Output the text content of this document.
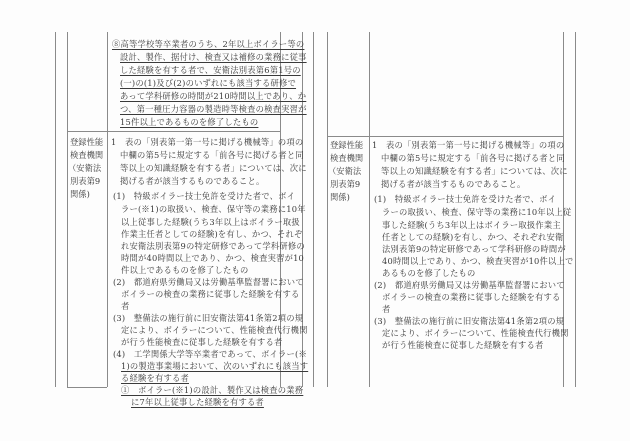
⑧高等学校等卒業者のうち、2年以上ボイラー等の
設計、製作、据付け、検査又は補修の業務に従事
した経験を有する者で、安衛法別表第6第1号の
(一)の(1)及び(2)のいずれにも該当する研修で
あって学科研修の時間が210時間以上であり、か
つ、第一種圧力容器の製造時等検査の検査実習が
15件以上であるものを修了したもの
登録性能
検査機関
（安衛法
別表第9
関係)
1　表の「別表第一第一号に掲げる機械等」の項の
中欄の第5号に規定する「前各号に掲げる者と同
等以上の知識経験を有する者」については、次に
掲げる者が該当するものであること。
(1)　特級ボイラー技士免許を受けた者で、ボイ
ラー(※1)の取扱い、検査、保守等の業務に10年
以上従事した経験(うち3年以上はボイラー取扱
作業主任者としての経験)を有し、かつ、それぞ
れ安衛法別表第9の特定研修であって学科研修の
時間が40時間以上であり、かつ、検査実習が10
件以上であるものを修了したもの
(2)　都道府県労働局又は労働基準監督署において
ボイラーの検査の業務に従事した経験を有する
者
(3)　整備法の施行前に旧安衛法第41条第2項の規
定により、ボイラーについて、性能検査代行機関
が行う性能検査に従事した経験を有する者
(4)　工学関係大学等卒業者であって、ボイラー(※
1)の製造事業場において、次のいずれにも該当す
る経験を有する者
①　ボイラー(※1)の設計、製作又は検査の業務
に7年以上従事した経験を有する者
登録性能
検査機関
（安衛法
別表第9
関係)
1　表の「別表第一第一号に掲げる機械等」の項の
中欄の第5号に規定する「前各号に掲げる者と同
等以上の知識経験を有する者」については、次に
掲げる者が該当するものであること。
(1)　特級ボイラー技士免許を受けた者で、ボイ
ラーの取扱い、検査、保守等の業務に10年以上従
事した経験(うち3年以上はボイラー取扱作業主
任者としての経験)を有し、かつ、それぞれ安衛
法別表第9の特定研修であって学科研修の時間が
40時間以上であり、かつ、検査実習が10件以上で
あるものを修了したもの
(2)　都道府県労働局又は労働基準監督署において
ボイラーの検査の業務に従事した経験を有する
者
(3)　整備法の施行前に旧安衛法第41条第2項の規
定により、ボイラーについて、性能検査代行機関
が行う性能検査に従事した経験を有する者
